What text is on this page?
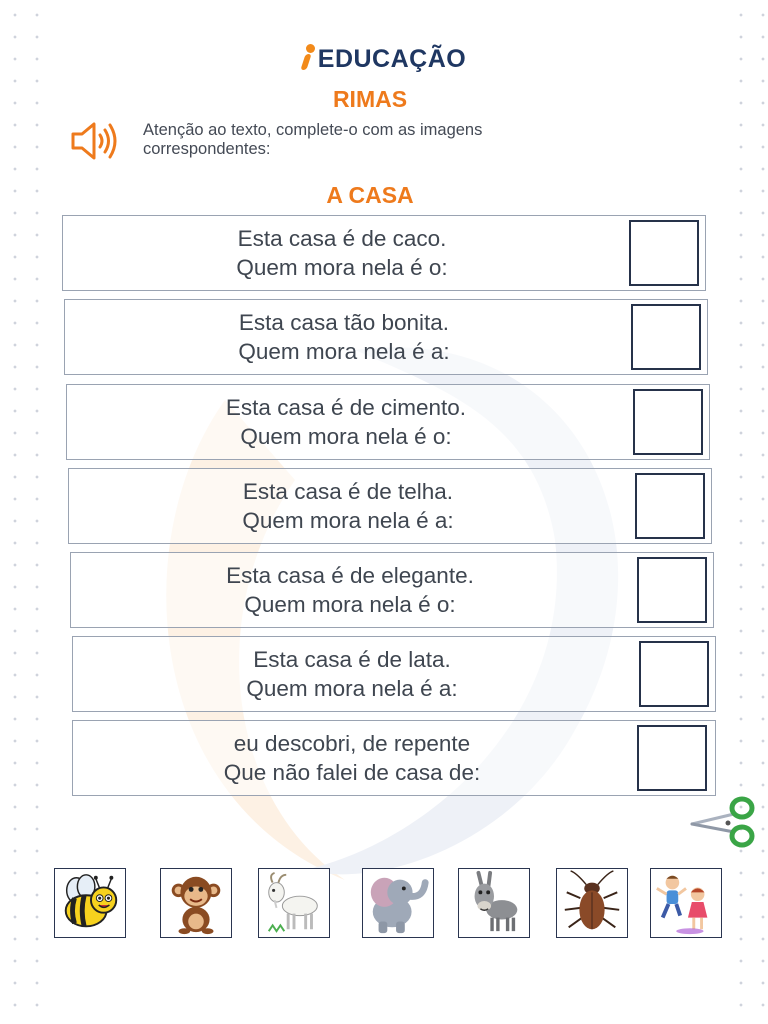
EDUCAÇÃO
RIMAS
Atenção ao texto, complete-o com as imagens correspondentes:
A CASA
Esta casa é de caco.
Quem mora nela é o:
Esta casa tão bonita.
Quem mora nela é a:
Esta casa é de cimento.
Quem mora nela é o:
Esta casa é de telha.
Quem mora nela é a:
Esta casa é de elegante.
Quem mora nela é o:
Esta casa é de lata.
Quem mora nela é a:
eu descobri, de repente
Que não falei de casa de:
